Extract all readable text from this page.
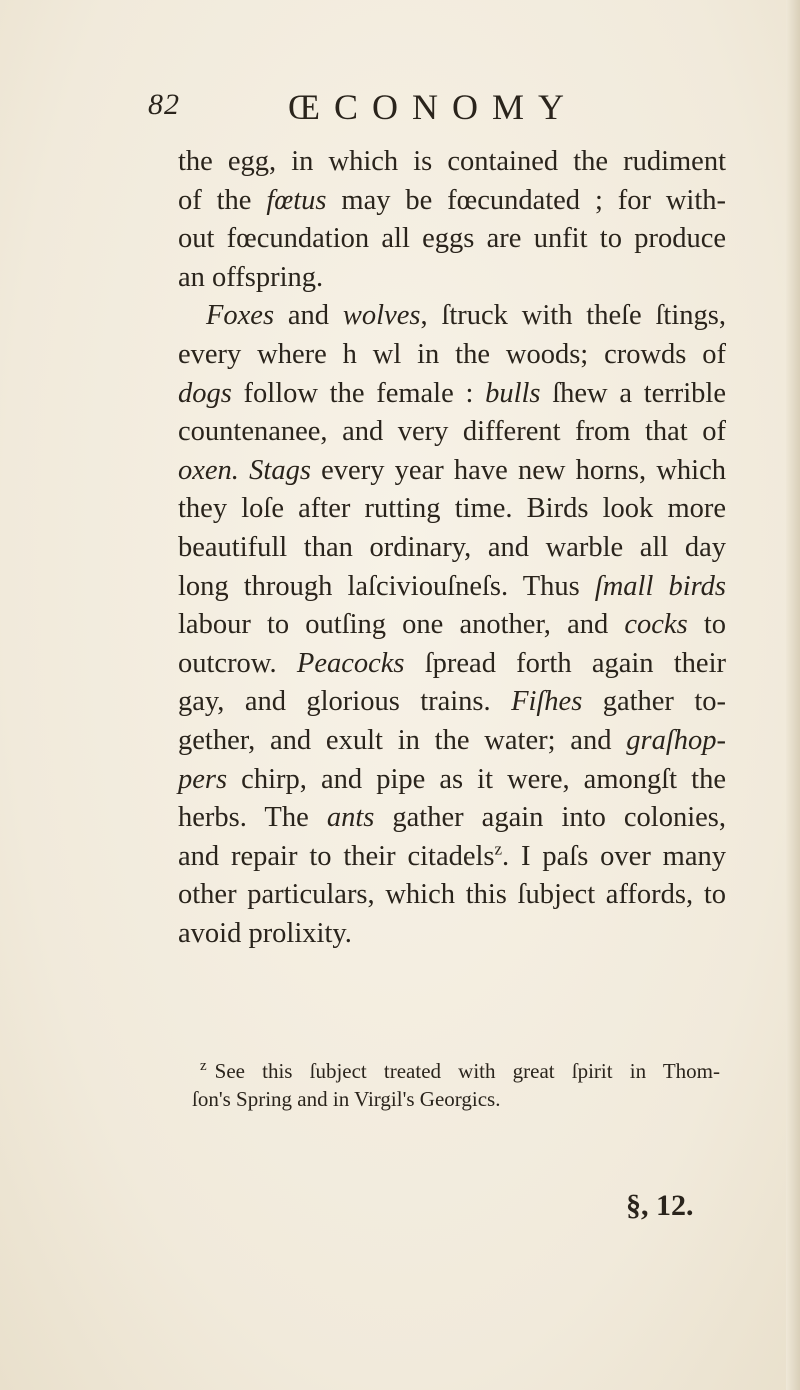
82	ŒCONOMY
the egg, in which is contained the rudiment
of the fœtus may be fœcundated ; for with-
out fœcundation all eggs are unfit to produce
an offspring.
Foxes and wolves, ſtruck with theſe ſtings,
every where h wl in the woods; crowds of
dogs follow the female : bulls ſhew a terrible
countenanee, and very different from that of
oxen. Stags every year have new horns, which
they loſe after rutting time. Birds look more
beautifull than ordinary, and warble all day
long through laſciviouſneſs. Thus ſmall birds
labour to outſing one another, and cocks to
outcrow. Peacocks ſpread forth again their
gay, and glorious trains. Fiſhes gather to-
gether, and exult in the water; and graſhop-
pers chirp, and pipe as it were, amongſt the
herbs. The ants gather again into colonies,
and repair to their citadels$^z$. I paſs over many
other particulars, which this ſubject affords, to
avoid prolixity.
$^z$ See this ſubject treated with great ſpirit in Thom-
ſon's Spring and in Virgil's Georgics.
§, 12.
